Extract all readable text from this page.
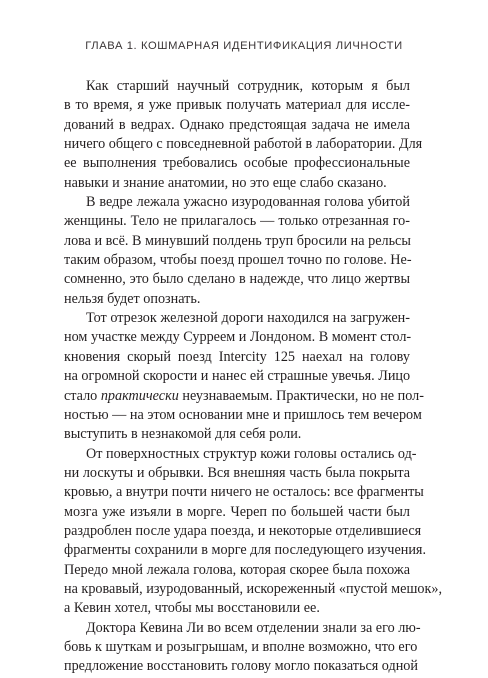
ГЛАВА 1. КОШМАРНАЯ ИДЕНТИФИКАЦИЯ ЛИЧНОСТИ
Как старший научный сотрудник, которым я был
в то время, я уже привык получать материал для иссле-
дований в ведрах. Однако предстоящая задача не имела
ничего общего с повседневной работой в лаборатории. Для
ее выполнения требовались особые профессиональные
навыки и знание анатомии, но это еще слабо сказано.
В ведре лежала ужасно изуродованная голова убитой
женщины. Тело не прилагалось — только отрезанная го-
лова и всё. В минувший полдень труп бросили на рельсы
таким образом, чтобы поезд прошел точно по голове. Не-
сомненно, это было сделано в надежде, что лицо жертвы
нельзя будет опознать.
Тот отрезок железной дороги находился на загружен-
ном участке между Сурреем и Лондоном. В момент стол-
кновения скорый поезд Intercity 125 наехал на голову
на огромной скорости и нанес ей страшные увечья. Лицо
стало практически неузнаваемым. Практически, но не пол-
ностью — на этом основании мне и пришлось тем вечером
выступить в незнакомой для себя роли.
От поверхностных структур кожи головы остались од-
ни лоскуты и обрывки. Вся внешняя часть была покрыта
кровью, а внутри почти ничего не осталось: все фрагменты
мозга уже изъяли в морге. Череп по большей части был
раздроблен после удара поезда, и некоторые отделившиеся
фрагменты сохранили в морге для последующего изучения.
Передо мной лежала голова, которая скорее была похожа
на кровавый, изуродованный, искореженный «пустой мешок»,
а Кевин хотел, чтобы мы восстановили ее.
Доктора Кевина Ли во всем отделении знали за его лю-
бовь к шуткам и розыгрышам, и вполне возможно, что его
предложение восстановить голову могло показаться одной
